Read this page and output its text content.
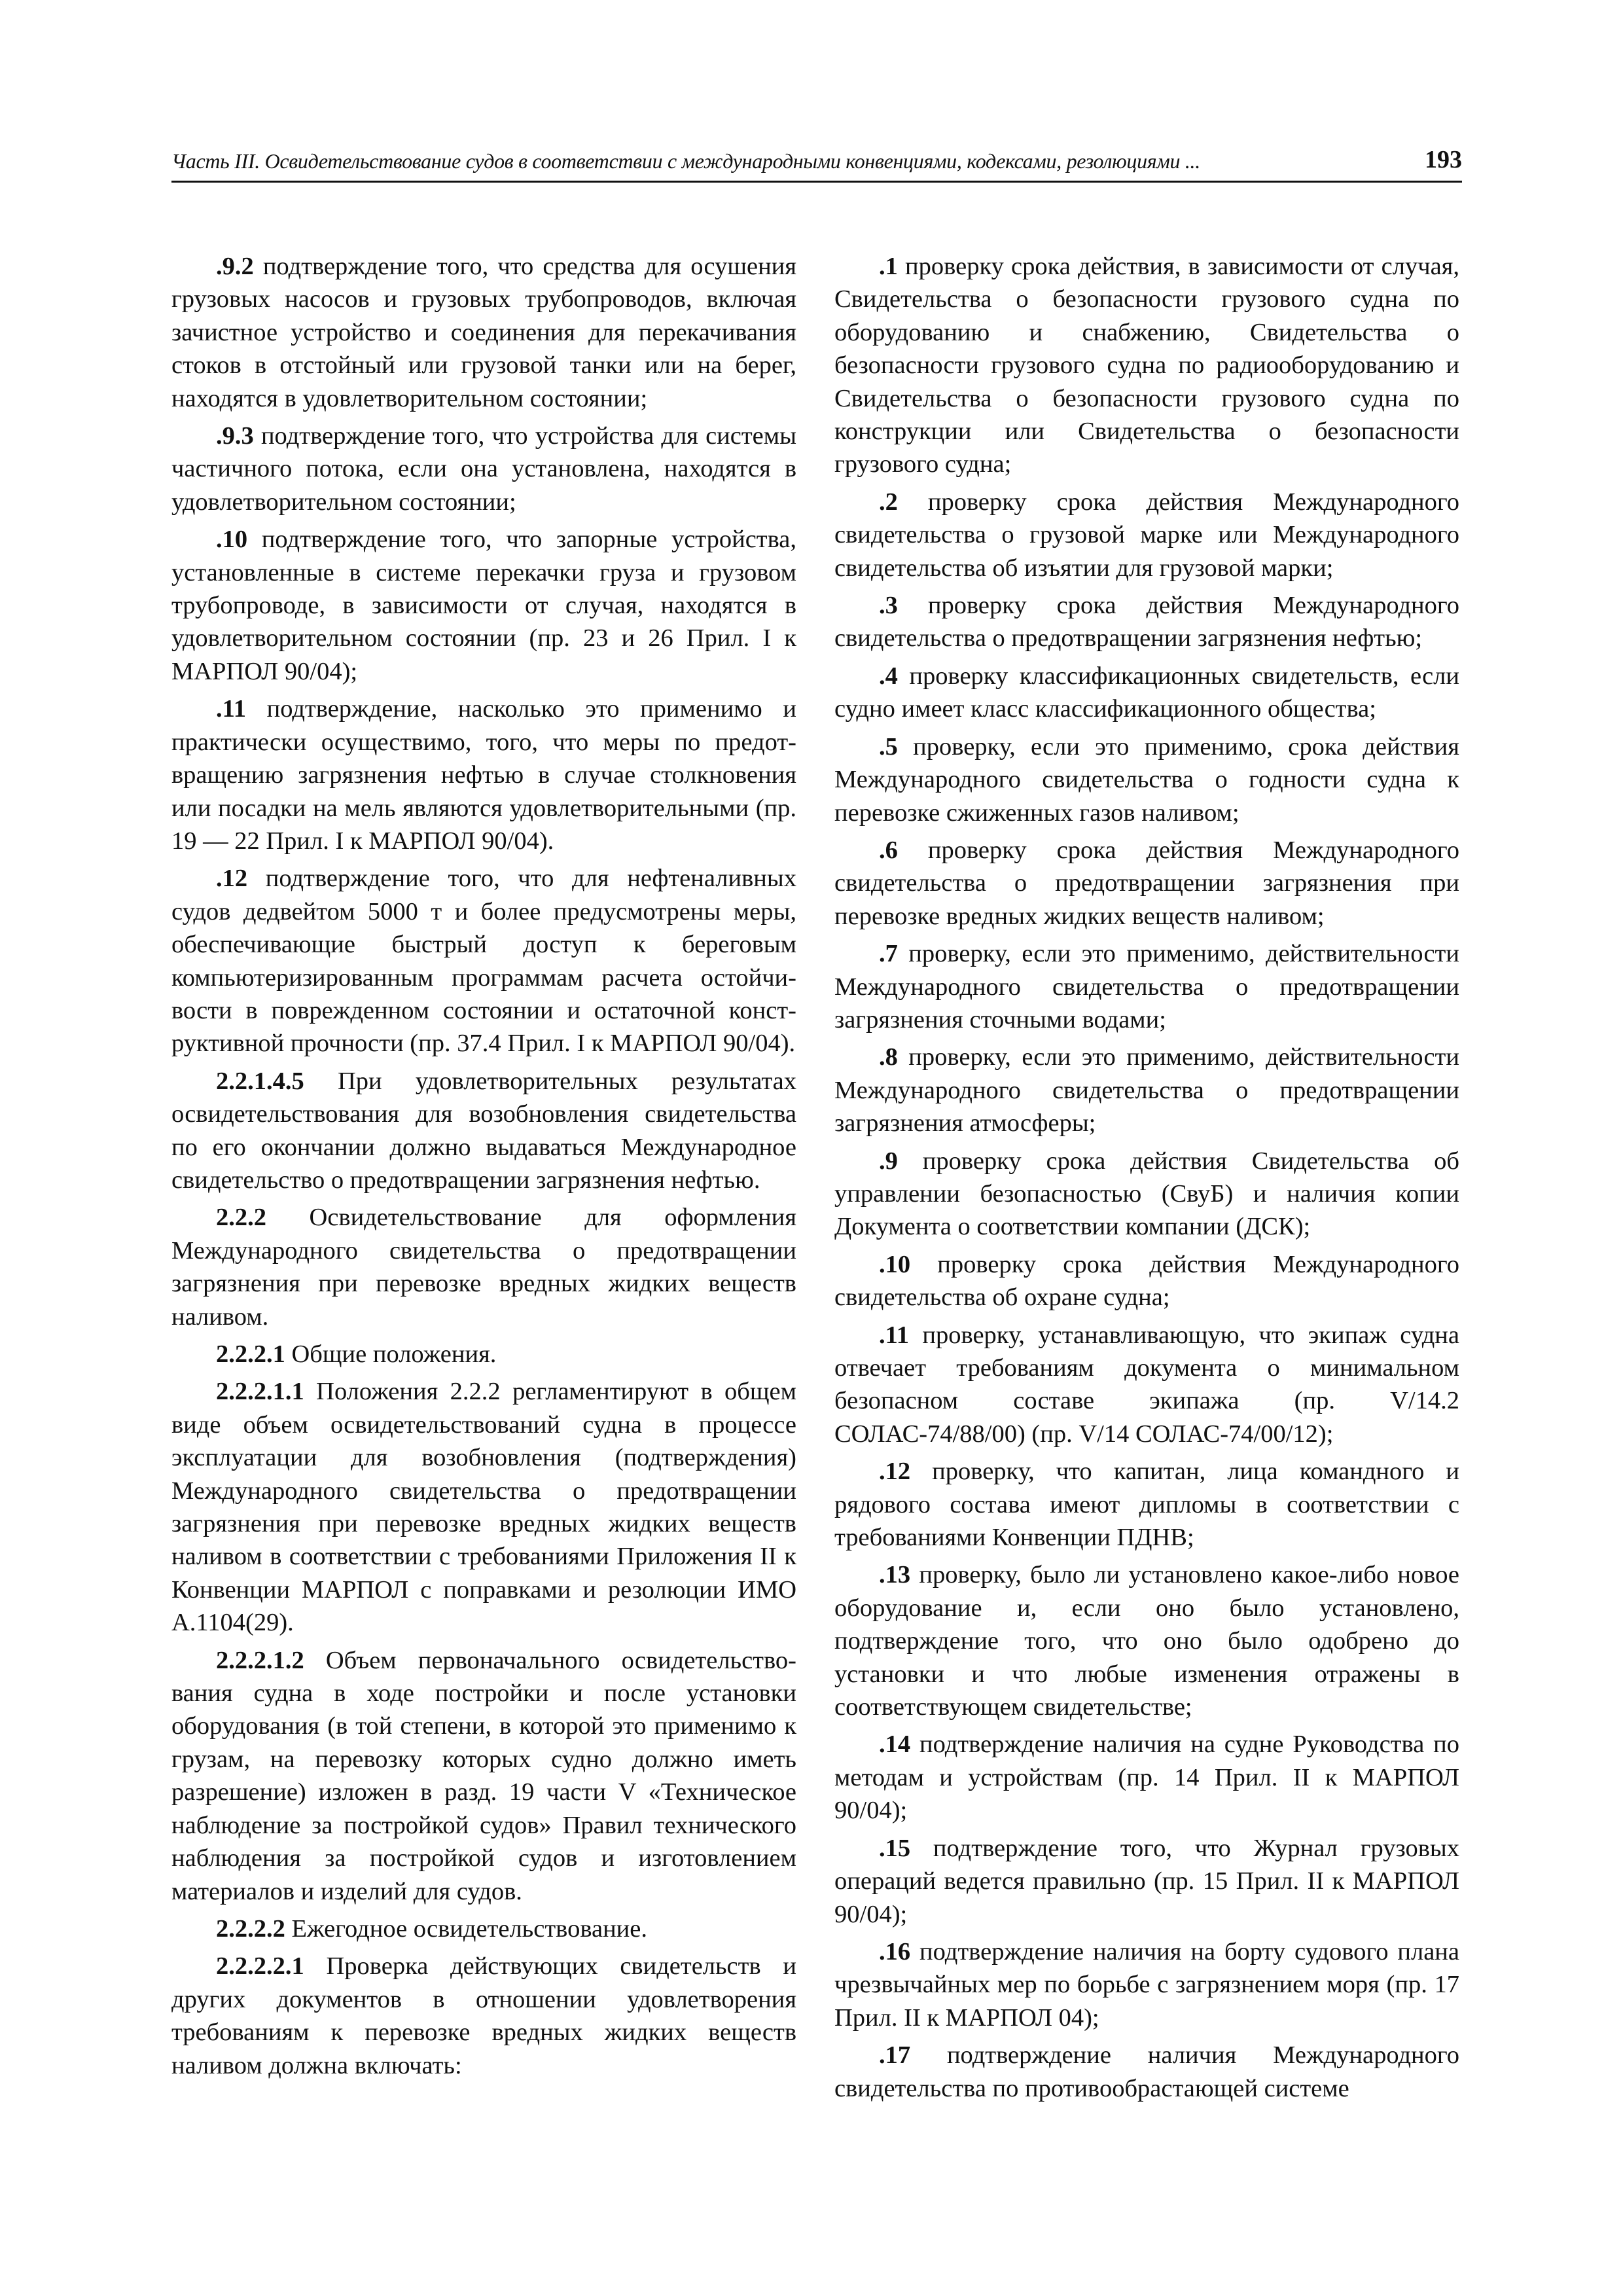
Часть III. Освидетельствование судов в соответствии с международными конвенциями, кодексами, резолюциями ...	193

.9.2 подтверждение того, что средства для осушения грузовых насосов и грузовых трубопроводов, включая зачистное устройство и соединения для перекачивания стоков в отстойный или грузовой танки или на берег, находятся в удовлетворительном состоянии;

.9.3 подтверждение того, что устройства для системы частичного потока, если она установлена, находятся в удовлетворительном состоянии;

.10 подтверждение того, что запорные устройства, установленные в системе перекачки груза и грузовом трубопроводе, в зависимости от случая, находятся в удовлетворительном состоянии (пр. 23 и 26 Прил. I к МАРПОЛ 90/04);

.11 подтверждение, насколько это применимо и практически осуществимо, того, что меры по предотвращению загрязнения нефтью в случае столкновения или посадки на мель являются удовлетворительными (пр. 19 — 22 Прил. I к МАРПОЛ 90/04).

.12 подтверждение того, что для нефтеналивных судов дедвейтом 5000 т и более предусмотрены меры, обеспечивающие быстрый доступ к береговым компьютеризированным программам расчета остойчивости в поврежденном состоянии и остаточной конструктивной прочности (пр. 37.4 Прил. I к МАРПОЛ 90/04).

2.2.1.4.5 При удовлетворительных результатах освидетельствования для возобновления свидетельства по его окончании должно выдаваться Международное свидетельство о предотвращении загрязнения нефтью.

2.2.2 Освидетельствование для оформления Международного свидетельства о предотвращении загрязнения при перевозке вредных жидких веществ наливом.

2.2.2.1 Общие положения.

2.2.2.1.1 Положения 2.2.2 регламентируют в общем виде объем освидетельствований судна в процессе эксплуатации для возобновления (подтверждения) Международного свидетельства о предотвращении загрязнения при перевозке вредных жидких веществ наливом в соответствии с требованиями Приложения II к Конвенции МАРПОЛ с поправками и резолюции ИМО А.1104(29).

2.2.2.1.2 Объем первоначального освидетельствования судна в ходе постройки и после установки оборудования (в той степени, в которой это применимо к грузам, на перевозку которых судно должно иметь разрешение) изложен в разд. 19 части V «Техническое наблюдение за постройкой судов» Правил технического наблюдения за постройкой судов и изготовлением материалов и изделий для судов.

2.2.2.2 Ежегодное освидетельствование.

2.2.2.2.1 Проверка действующих свидетельств и других документов в отношении удовлетворения требованиям к перевозке вредных жидких веществ наливом должна включать:

.1 проверку срока действия, в зависимости от случая, Свидетельства о безопасности грузового судна по оборудованию и снабжению, Свидетельства о безопасности грузового судна по радиооборудованию и Свидетельства о безопасности грузового судна по конструкции или Свидетельства о безопасности грузового судна;

.2 проверку срока действия Международного свидетельства о грузовой марке или Международного свидетельства об изъятии для грузовой марки;

.3 проверку срока действия Международного свидетельства о предотвращении загрязнения нефтью;

.4 проверку классификационных свидетельств, если судно имеет класс классификационного общества;

.5 проверку, если это применимо, срока действия Международного свидетельства о годности судна к перевозке сжиженных газов наливом;

.6 проверку срока действия Международного свидетельства о предотвращении загрязнения при перевозке вредных жидких веществ наливом;

.7 проверку, если это применимо, действительности Международного свидетельства о предотвращении загрязнения сточными водами;

.8 проверку, если это применимо, действительности Международного свидетельства о предотвращении загрязнения атмосферы;

.9 проверку срока действия Свидетельства об управлении безопасностью (СвуБ) и наличия копии Документа о соответствии компании (ДСК);

.10 проверку срока действия Международного свидетельства об охране судна;

.11 проверку, устанавливающую, что экипаж судна отвечает требованиям документа о минимальном безопасном составе экипажа (пр. V/14.2 СОЛАС-74/88/00) (пр. V/14 СОЛАС-74/00/12);

.12 проверку, что капитан, лица командного и рядового состава имеют дипломы в соответствии с требованиями Конвенции ПДНВ;

.13 проверку, было ли установлено какое-либо новое оборудование и, если оно было установлено, подтверждение того, что оно было одобрено до установки и что любые изменения отражены в соответствующем свидетельстве;

.14 подтверждение наличия на судне Руководства по методам и устройствам (пр. 14 Прил. II к МАРПОЛ 90/04);

.15 подтверждение того, что Журнал грузовых операций ведется правильно (пр. 15 Прил. II к МАРПОЛ 90/04);

.16 подтверждение наличия на борту судового плана чрезвычайных мер по борьбе с загрязнением моря (пр. 17 Прил. II к МАРПОЛ 04);

.17 подтверждение наличия Международного свидетельства по противообрастающей системе
